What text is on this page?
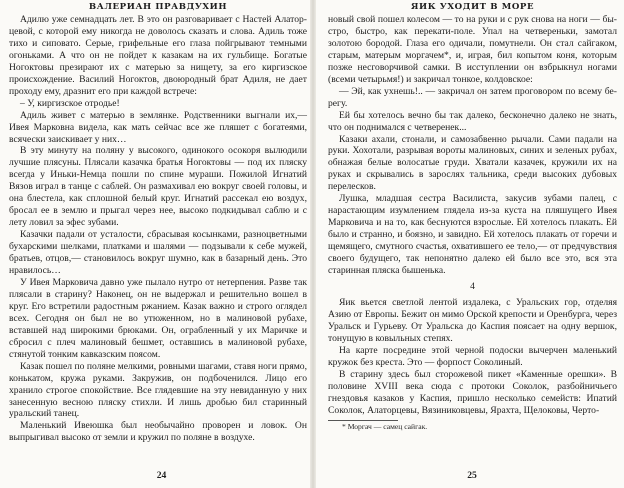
ВАЛЕРИАН ПРАВДУХИН

Адилю уже семнадцать лет. В это он разговаривает с Настей Алаторцевой, с которой ему никогда не доволось сказать и слова. Адиль тоже тихо и сиповато. Серые, грифельные его глаза пойгрывают темными огоньками. А что он не пойдет к казакам на их гульбище. Богатые Ногоктовы презирают их с матерью за нищету, за его киргизское происхождение. Василий Ногоктов, двоюродный брат Адиля, не дает проходу ему, дразнит его при каждой встрече:

– У, киргизское отродье!

Адиль живет с матерью в землянке. Родственники выгнали их,— Ивея Марковна видела, как мать сейчас все же пляшет с богатеями, всячески заискивает у них…

В эту минуту на поляну у высокого, одинокого осокоря вылюдили лучшие плясуны. Плясали казачка братья Ногоктовы — под их пляску всегда у Иньки-Немца пошли по спине мураши. Пожилой Игнатий Вязов играл в танце с саблей. Он размахивал ею вокруг своей головы, и она блестела, как сплошной белый круг. Игнатий рассекал ею воздух, бросал ее в землю и прыгал через нее, высоко подкидывал саблю и с лету ловил за эфес зубами.

Казачки падали от усталости, сбрасывая косынками, разноцветными бухарскими шелками, платками и шалями — подзывали к себе мужей, братьев, отцов,— становилось вокруг шумно, как в базарный день. Это нравилось…

У Ивея Марковича давно уже пылало нутро от нетерпения. Разве так плясали в старину? Наконец, он не выдержал и решительно вошел в круг. Его встретили радостным ржанием. Казак важно и строго оглядел всех. Сегодня он был не во утюженном, но в малиновой рубахе, вставшей над широкими брюками. Он, ограбленный у их Маричке и сбросил с плеч малиновый бешмет, оставшись в малиновой рубахе, стянутой тонким кавказским поясом.

Казак пошел по поляне мелкими, ровными шагами, ставя ноги прямо, конькатом, кружа руками. Закружив, он подбоченился. Лицо его хранило строгое спокойствие. Все глядевшие на эту невиданную у них занесенную весною пляску стихли. И лишь дробью бил старинный уральский танец.

Маленький Ивеюшка был необычайно проворен и ловок. Он выпрыгивал высоко от земли и кружил по поляне в воздухе.

24
ЯИК УХОДИТ В МОРЕ

новый свой пошел колесом — то на руки и с рук снова на ноги — быстро, быстро, как перекати-поле. Упал на четвереньки, замотал золотою бородой. Глаза его одичали, помутнели. Он стал сайгаком, старым, матерым моргачем*, и, играя, бил копытом коня, которым позже несговорчивой самки. В исступлении он взбрыкнул ногами (всеми четырьмя!) и закричал тонкое, колдовское:

— Эй, как ухнешь!.. — закричал он затем проговором по всему берегу.

Ей бы хотелось вечно бы так далеко, бесконечно далеко не знать, что он поднимался с четверенек...

Казаки ахали, стонали, и самозабвенно рычали. Сами падали на руки. Хохотали, разрывая вороты малиновых, синих и зеленых рубах, обнажая белые волосатые груди. Хватали казачек, кружили их на руках и скрывались в зарослях тальника, среди высоких дубовых перелесков.

Лушка, младшая сестра Василиста, закусив зубами палец, с нарастающим изумлением глядела из-за куста на пляшущего Ивея Марковича и на то, как беснуются взрослые. Ей хотелось плакать. Ей было и странно, и боязно, и завидно. Ей хотелось плакать от горечи и щемящего, смутного счастья, охватившего ее тело,— от предчувствия своего будущего, так непонятно далеко ей было все это, вся эта старинная пляска бышенька.

4

Яик вьется светлой лентой издалека, с Уральских гор, отделяя Азию от Европы. Бежит он мимо Орской крепости и Оренбурга, через Уральск и Гурьеву. От Уральска до Каспия поясает на одну вершок, тонущую в ковыльных степях.

На карте посредине этой черной подоски вычерчен маленький кружок без креста. Это — форпост Соколиный.

В старину здесь был сторожевой пикет «Каменные орешки». В половине XVIII века сюда с протоки Соколок, разбойничьего гнездовья казаков у Каспия, пришло несколько семейств: Ипатий Соколок, Алаторцевы, Вязиниковцевы, Ярахта, Щелоковы, Черто-

* Моргач — самец сайгак.
25
